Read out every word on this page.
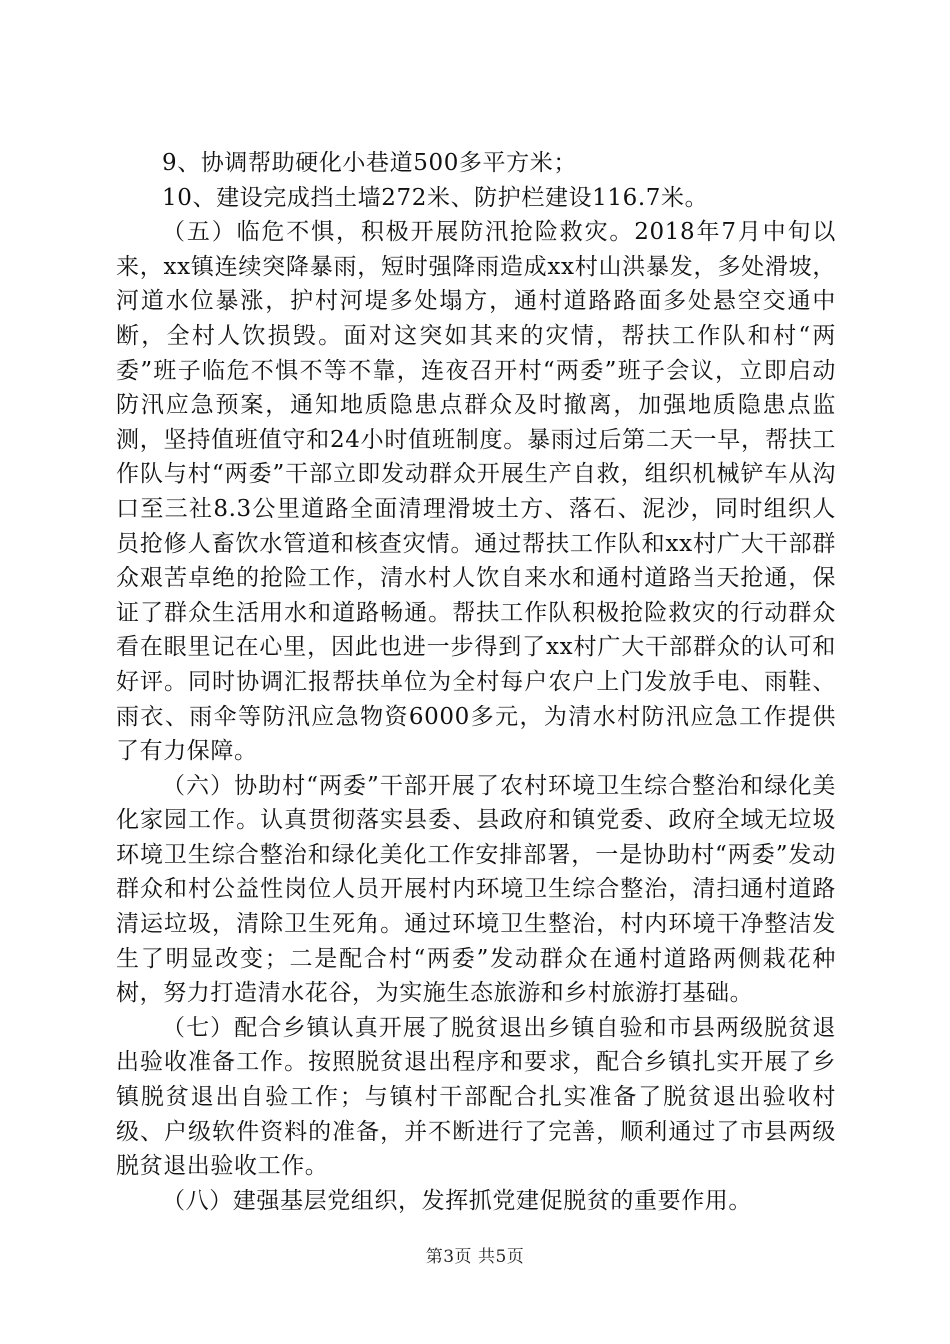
9、协调帮助硬化小巷道500多平方米；

10、建设完成挡土墙272米、防护栏建设116.7米。

（五）临危不惧，积极开展防汛抢险救灾。2018年7月中旬以来，xx镇连续突降暴雨，短时强降雨造成xx村山洪暴发，多处滑坡，河道水位暴涨，护村河堤多处塌方，通村道路路面多处悬空交通中断，全村人饮损毁。面对这突如其来的灾情，帮扶工作队和村“两委”班子临危不惧不等不靠，连夜召开村“两委”班子会议，立即启动防汛应急预案，通知地质隐患点群众及时撤离，加强地质隐患点监测，坚持值班值守和24小时值班制度。暴雨过后第二天一早，帮扶工作队与村“两委”干部立即发动群众开展生产自救，组织机械铲车从沟口至三社8.3公里道路全面清理滑坡土方、落石、泥沙，同时组织人员抢修人畜饮水管道和核查灾情。通过帮扶工作队和xx村广大干部群众艰苦卓绝的抢险工作，清水村人饮自来水和通村道路当天抢通，保证了群众生活用水和道路畅通。帮扶工作队积极抢险救灾的行动群众看在眼里记在心里，因此也进一步得到了xx村广大干部群众的认可和好评。同时协调汇报帮扶单位为全村每户农户上门发放手电、雨鞋、雨衣、雨伞等防汛应急物资6000多元，为清水村防汛应急工作提供了有力保障。

（六）协助村“两委”干部开展了农村环境卫生综合整治和绿化美化家园工作。认真贯彻落实县委、县政府和镇党委、政府全域无垃圾环境卫生综合整治和绿化美化工作安排部署，一是协助村“两委”发动群众和村公益性岗位人员开展村内环境卫生综合整治，清扫通村道路清运垃圾，清除卫生死角。通过环境卫生整治，村内环境干净整洁发生了明显改变；二是配合村“两委”发动群众在通村道路两侧栽花种树，努力打造清水花谷，为实施生态旅游和乡村旅游打基础。

（七）配合乡镇认真开展了脱贫退出乡镇自验和市县两级脱贫退出验收准备工作。按照脱贫退出程序和要求，配合乡镇扎实开展了乡镇脱贫退出自验工作；与镇村干部配合扎实准备了脱贫退出验收村级、户级软件资料的准备，并不断进行了完善，顺利通过了市县两级脱贫退出验收工作。

（八）建强基层党组织，发挥抓党建促脱贫的重要作用。

第3页 共5页
